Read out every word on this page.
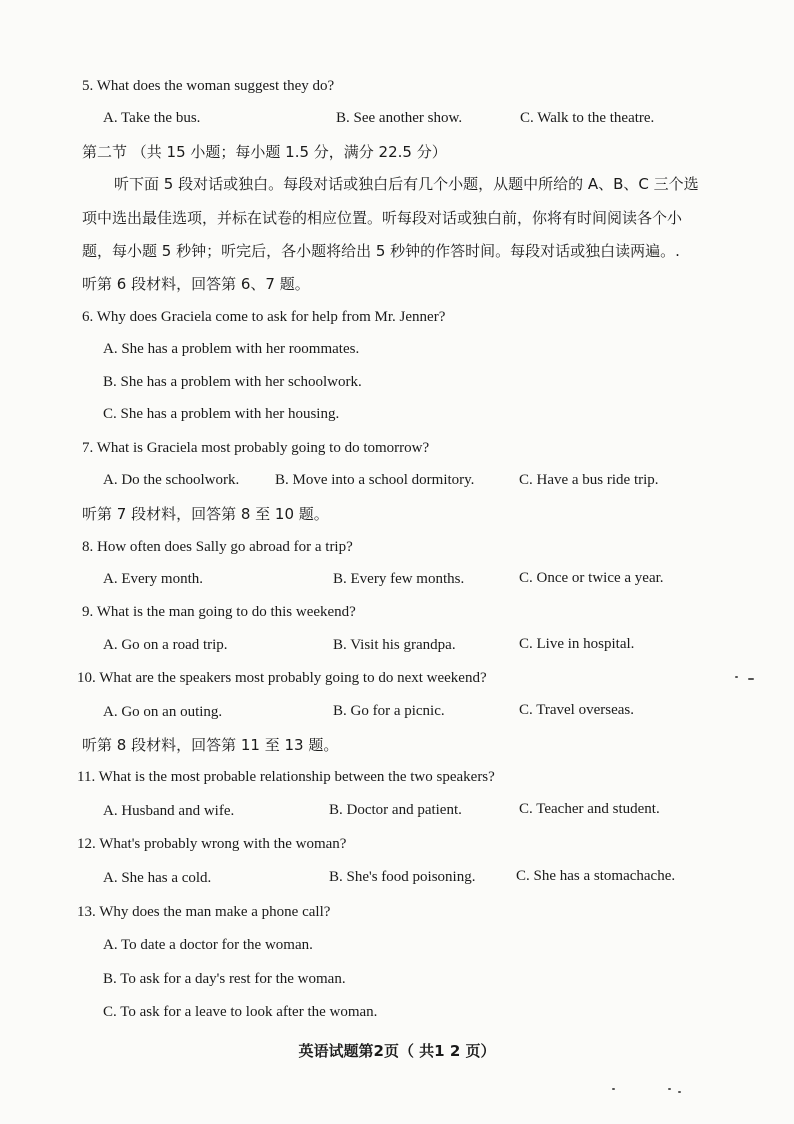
5. What does the woman suggest they do?
A. Take the bus.	B. See another show.	C. Walk to the theatre.
第二节 （共 15 小题；每小题 1.5 分，满分 22.5 分）
听下面 5 段对话或独白。每段对话或独白后有几个小题，从题中所给的 A、B、C 三个选
项中选出最佳选项，并标在试卷的相应位置。听每段对话或独白前，你将有时间阅读各个小
题，每小题 5 秒钟；听完后，各小题将给出 5 秒钟的作答时间。每段对话或独白读两遍。.
听第 6 段材料，回答第 6、7 题。
6. Why does Graciela come to ask for help from Mr. Jenner?
A. She has a problem with her roommates.
B. She has a problem with her schoolwork.
C. She has a problem with her housing.
7. What is Graciela most probably going to do tomorrow?
A. Do the schoolwork. B. Move into a school dormitory.	C. Have a bus ride trip.
听第 7 段材料，回答第 8 至 10 题。
8. How often does Sally go abroad for a trip?
A. Every month.	B. Every few months.	C. Once or twice a year.
9. What is the man going to do this weekend?
A. Go on a road trip.	B. Visit his grandpa.	C. Live in hospital.
10. What are the speakers most probably going to do next weekend?
A. Go on an outing.	B. Go for a picnic.	C. Travel overseas.
听第 8 段材料，回答第 11 至 13 题。
11. What is the most probable relationship between the two speakers?
A. Husband and wife.	B. Doctor and patient.	C. Teacher and student.
12. What's probably wrong with the woman?
A. She has a cold.	B. She's food poisoning.	C. She has a stomachache.
13. Why does the man make a phone call?
A. To date a doctor for the woman.
B. To ask for a day's rest for the woman.
C. To ask for a leave to look after the woman.
英语试题第2页（ 共1 2 页）
